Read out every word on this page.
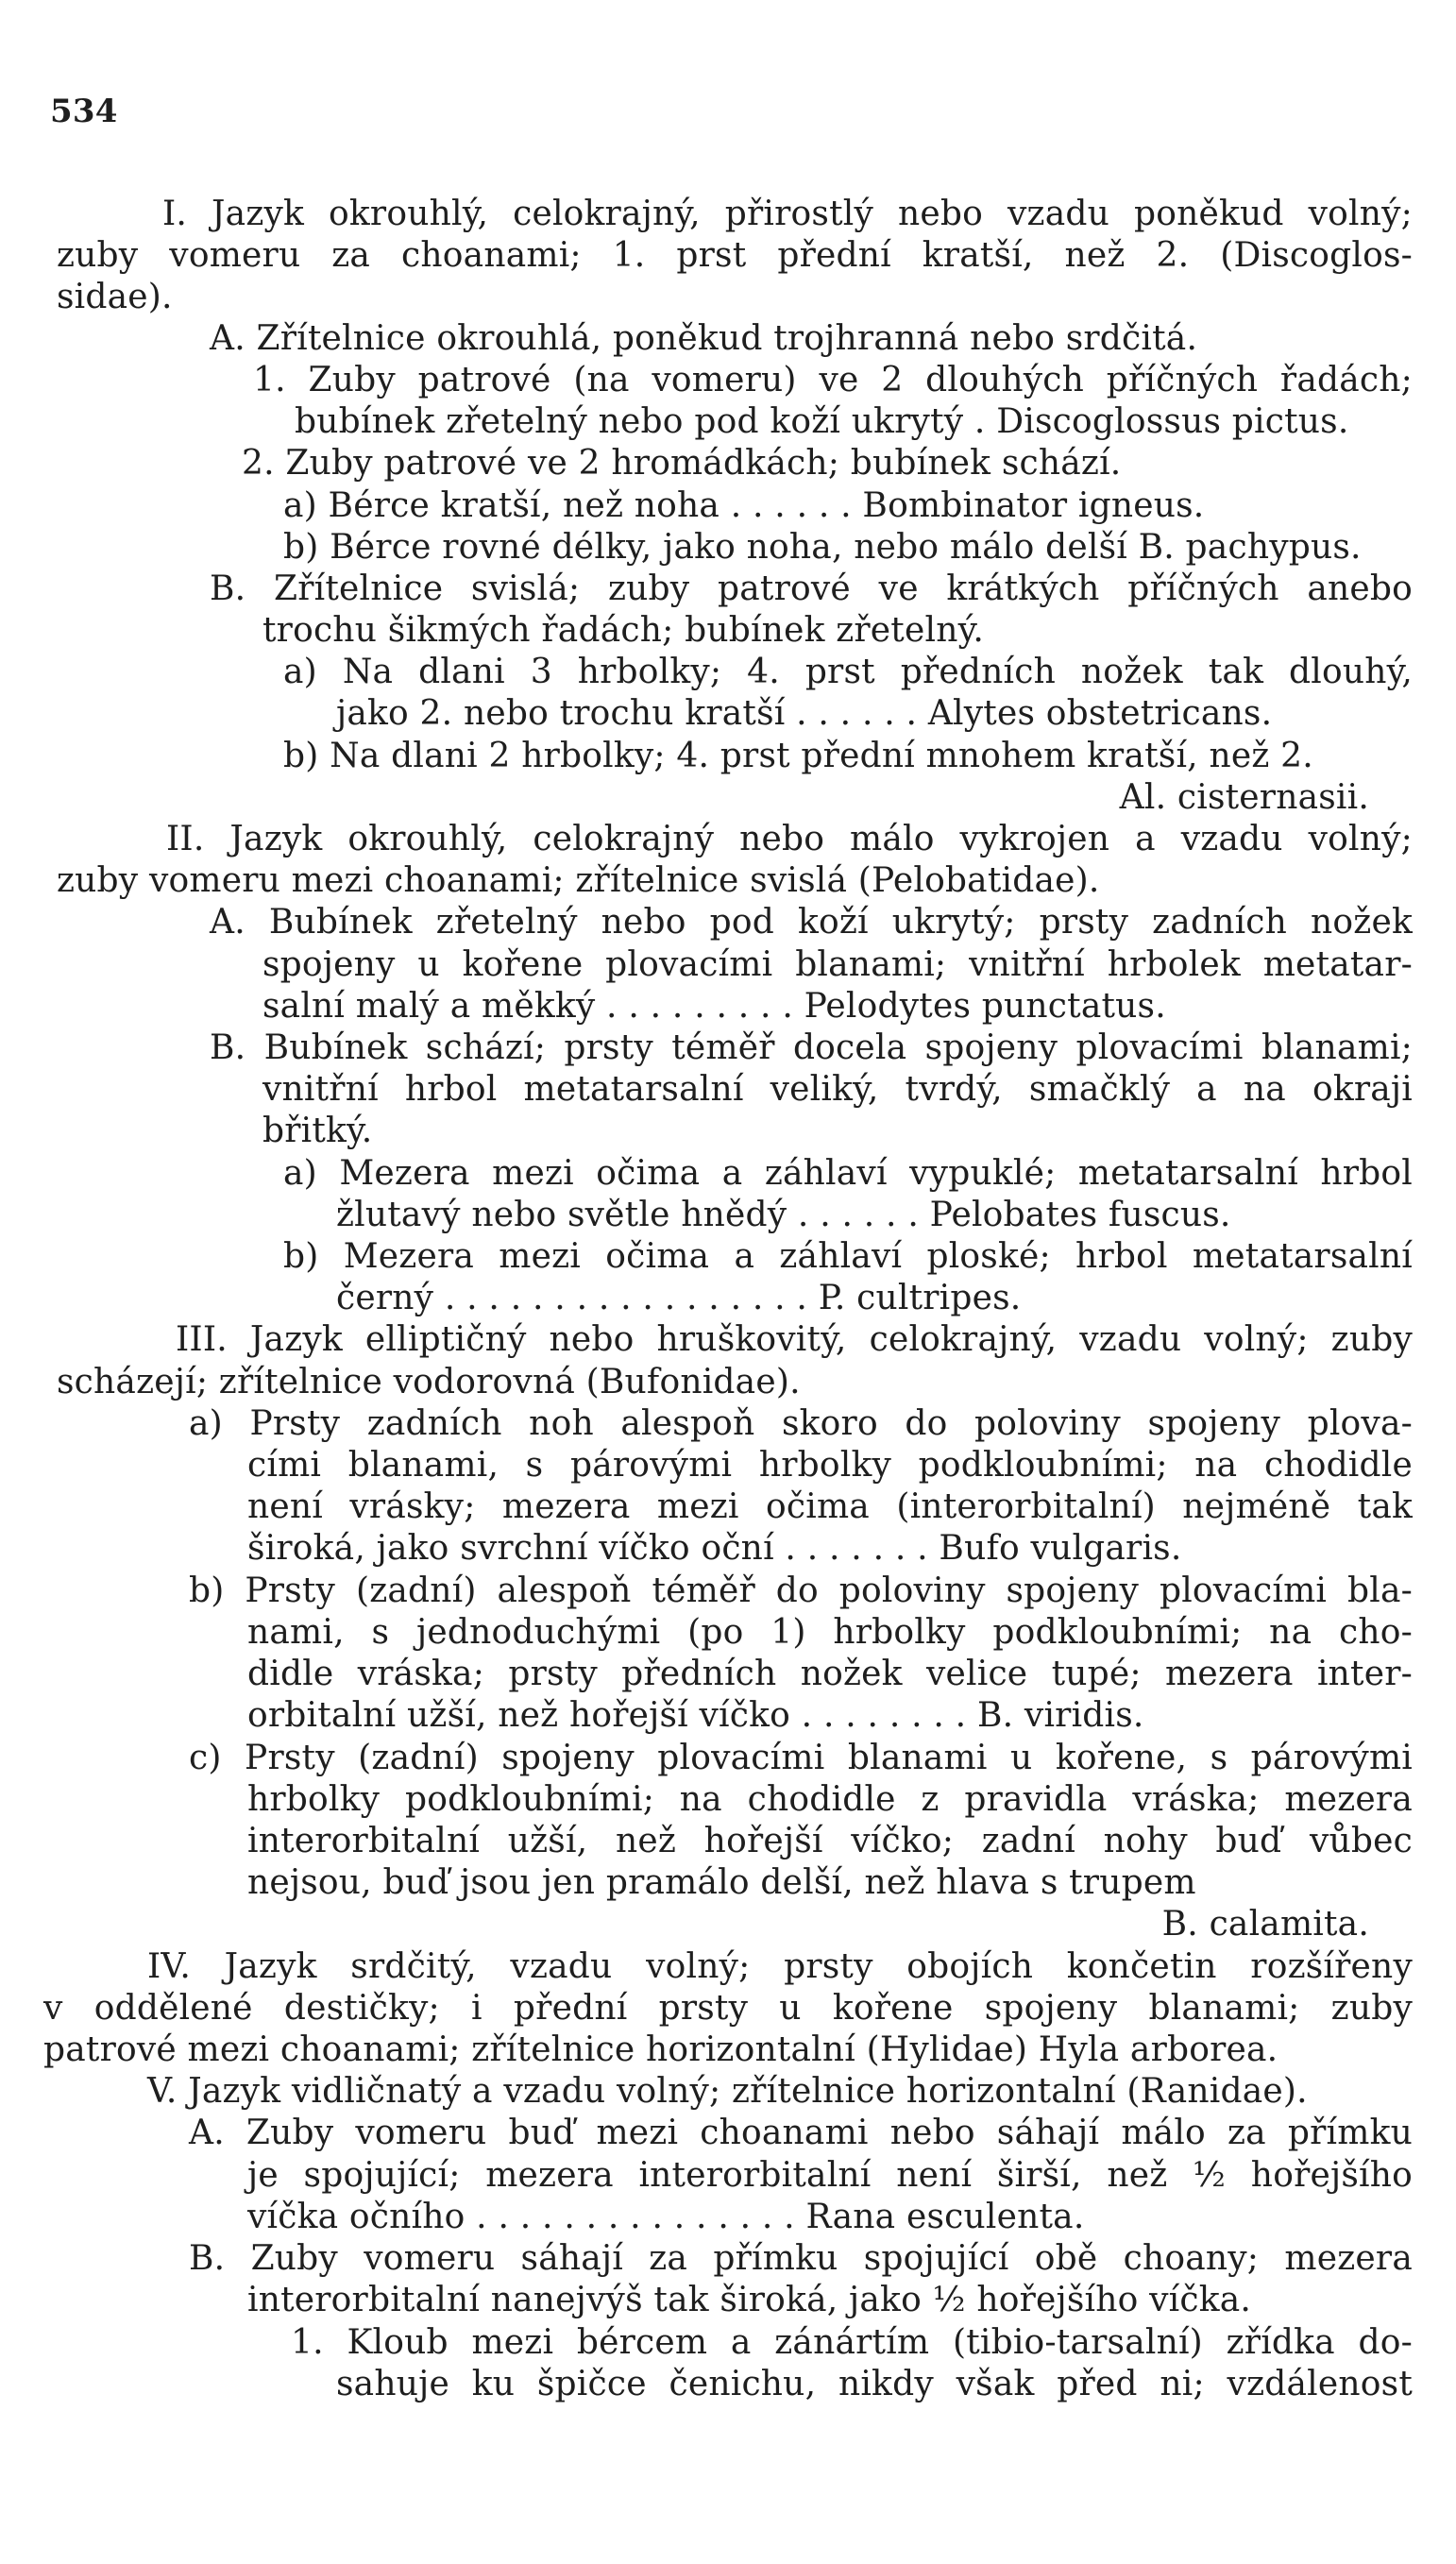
534
I. Jazyk okrouhlý, celokrajný, přirostlý nebo vzadu poněkud volný;
zuby vomeru za choanami; 1. prst přední kratší, než 2. (Discoglos-
sidae).
A. Zřítelnice okrouhlá, poněkud trojhranná nebo srdčitá.
1. Zuby patrové (na vomeru) ve 2 dlouhých příčných řadách;
bubínek zřetelný nebo pod koží ukrytý . Discoglossus pictus.
2. Zuby patrové ve 2 hromádkách; bubínek schází.
a) Bérce kratší, než noha . . . . . . Bombinator igneus.
b) Bérce rovné délky, jako noha, nebo málo delší B. pachypus.
B. Zřítelnice svislá; zuby patrové ve krátkých příčných anebo
trochu šikmých řadách; bubínek zřetelný.
a) Na dlani 3 hrbolky; 4. prst předních nožek tak dlouhý,
jako 2. nebo trochu kratší . . . . . . Alytes obstetricans.
b) Na dlani 2 hrbolky; 4. prst přední mnohem kratší, než 2.
Al. cisternasii.
II. Jazyk okrouhlý, celokrajný nebo málo vykrojen a vzadu volný;
zuby vomeru mezi choanami; zřítelnice svislá (Pelobatidae).
A. Bubínek zřetelný nebo pod koží ukrytý; prsty zadních nožek
spojeny u kořene plovacími blanami; vnitřní hrbolek metatar-
salní malý a měkký . . . . . . . . . Pelodytes punctatus.
B. Bubínek schází; prsty téměř docela spojeny plovacími blanami;
vnitřní hrbol metatarsalní veliký, tvrdý, smačklý a na okraji
břitký.
a) Mezera mezi očima a záhlaví vypuklé; metatarsalní hrbol
žlutavý nebo světle hnědý . . . . . . Pelobates fuscus.
b) Mezera mezi očima a záhlaví ploské; hrbol metatarsalní
černý . . . . . . . . . . . . . . . . . P. cultripes.
III. Jazyk elliptičný nebo hruškovitý, celokrajný, vzadu volný; zuby
scházejí; zřítelnice vodorovná (Bufonidae).
a) Prsty zadních noh alespoň skoro do poloviny spojeny plova-
cími blanami, s párovými hrbolky podkloubními; na chodidle
není vrásky; mezera mezi očima (interorbitalní) nejméně tak
široká, jako svrchní víčko oční . . . . . . . Bufo vulgaris.
b) Prsty (zadní) alespoň téměř do poloviny spojeny plovacími bla-
nami, s jednoduchými (po 1) hrbolky podkloubními; na cho-
didle vráska; prsty předních nožek velice tupé; mezera inter-
orbitalní užší, než hořejší víčko . . . . . . . . B. viridis.
c) Prsty (zadní) spojeny plovacími blanami u kořene, s párovými
hrbolky podkloubními; na chodidle z pravidla vráska; mezera
interorbitalní užší, než hořejší víčko; zadní nohy buď vůbec
nejsou, buď jsou jen pramálo delší, než hlava s trupem
B. calamita.
IV. Jazyk srdčitý, vzadu volný; prsty obojích končetin rozšířeny
v oddělené destičky; i přední prsty u kořene spojeny blanami; zuby
patrové mezi choanami; zřítelnice horizontalní (Hylidae) Hyla arborea.
V. Jazyk vidličnatý a vzadu volný; zřítelnice horizontalní (Ranidae).
A. Zuby vomeru buď mezi choanami nebo sáhají málo za přímku
je spojující; mezera interorbitalní není širší, než ½ hořejšího
víčka očního . . . . . . . . . . . . . . . Rana esculenta.
B. Zuby vomeru sáhají za přímku spojující obě choany; mezera
interorbitalní nanejvýš tak široká, jako ½ hořejšího víčka.
1. Kloub mezi bércem a zánártím (tibio-tarsalní) zřídka do-
sahuje ku špičce čenichu, nikdy však před ni; vzdálenost
